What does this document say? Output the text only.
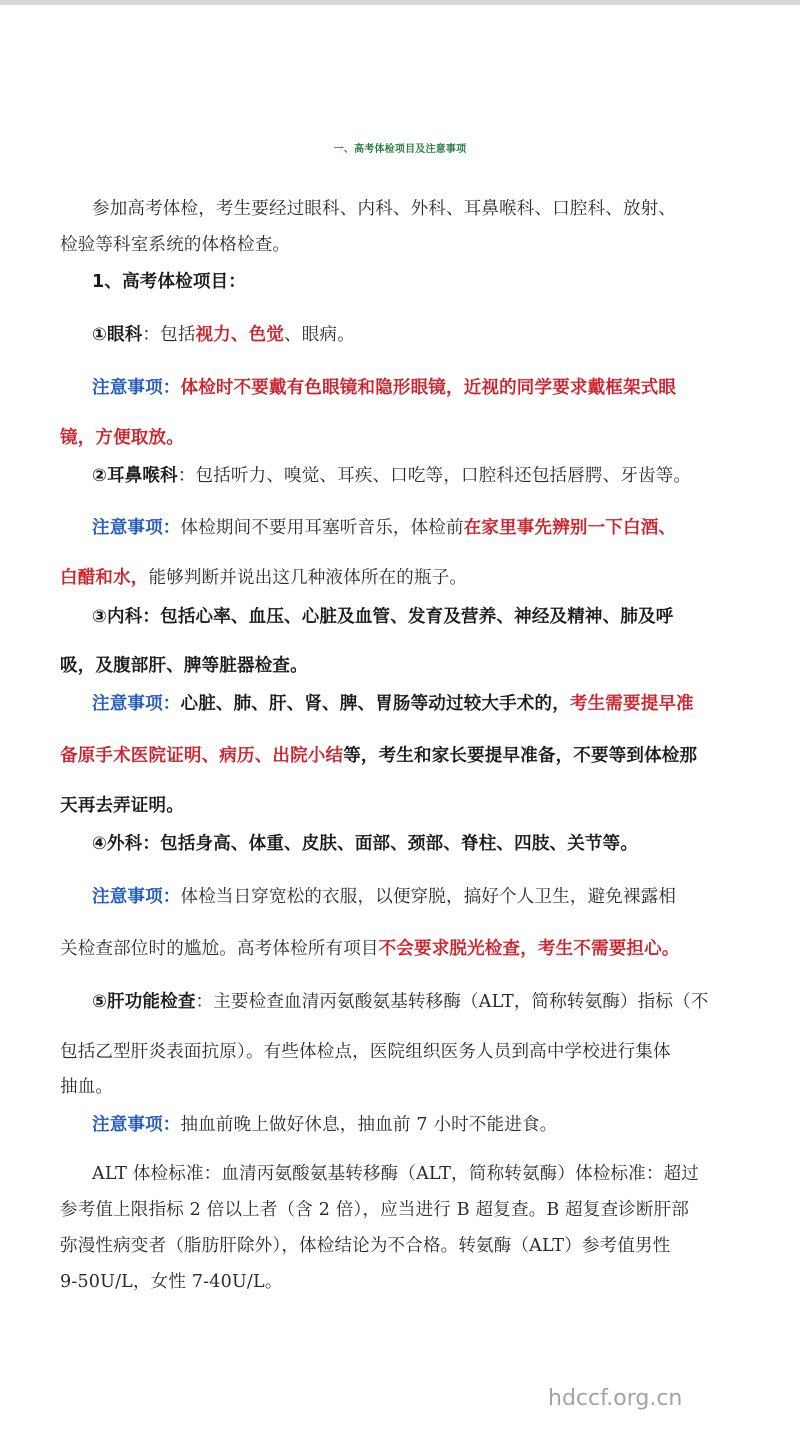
一、高考体检项目及注意事项
参加高考体检，考生要经过眼科、内科、外科、耳鼻喉科、口腔科、放射、
检验等科室系统的体格检查。
1、高考体检项目：
①眼科：包括视力、色觉、眼病。
注意事项：体检时不要戴有色眼镜和隐形眼镜，近视的同学要求戴框架式眼
镜，方便取放。
②耳鼻喉科：包括听力、嗅觉、耳疾、口吃等，口腔科还包括唇腭、牙齿等。
注意事项：体检期间不要用耳塞听音乐，体检前在家里事先辨别一下白酒、
白醋和水，能够判断并说出这几种液体所在的瓶子。
③内科：包括心率、血压、心脏及血管、发育及营养、神经及精神、肺及呼
吸，及腹部肝、脾等脏器检查。
注意事项：心脏、肺、肝、肾、脾、胃肠等动过较大手术的，考生需要提早准
备原手术医院证明、病历、出院小结等，考生和家长要提早准备，不要等到体检那
天再去弄证明。
④外科：包括身高、体重、皮肤、面部、颈部、脊柱、四肢、关节等。
注意事项：体检当日穿宽松的衣服，以便穿脱，搞好个人卫生，避免裸露相
关检查部位时的尴尬。高考体检所有项目不会要求脱光检查，考生不需要担心。
⑤肝功能检查：主要检查血清丙氨酸氨基转移酶（ALT，简称转氨酶）指标（不
包括乙型肝炎表面抗原）。有些体检点，医院组织医务人员到高中学校进行集体
抽血。
注意事项：抽血前晚上做好休息，抽血前 7 小时不能进食。
ALT 体检标准：血清丙氨酸氨基转移酶（ALT，简称转氨酶）体检标准：超过
参考值上限指标 2 倍以上者（含 2 倍），应当进行 B 超复查。B 超复查诊断肝部
弥漫性病变者（脂肪肝除外），体检结论为不合格。转氨酶（ALT）参考值男性
9-50U/L，女性 7-40U/L。
hdccf.org.cn
